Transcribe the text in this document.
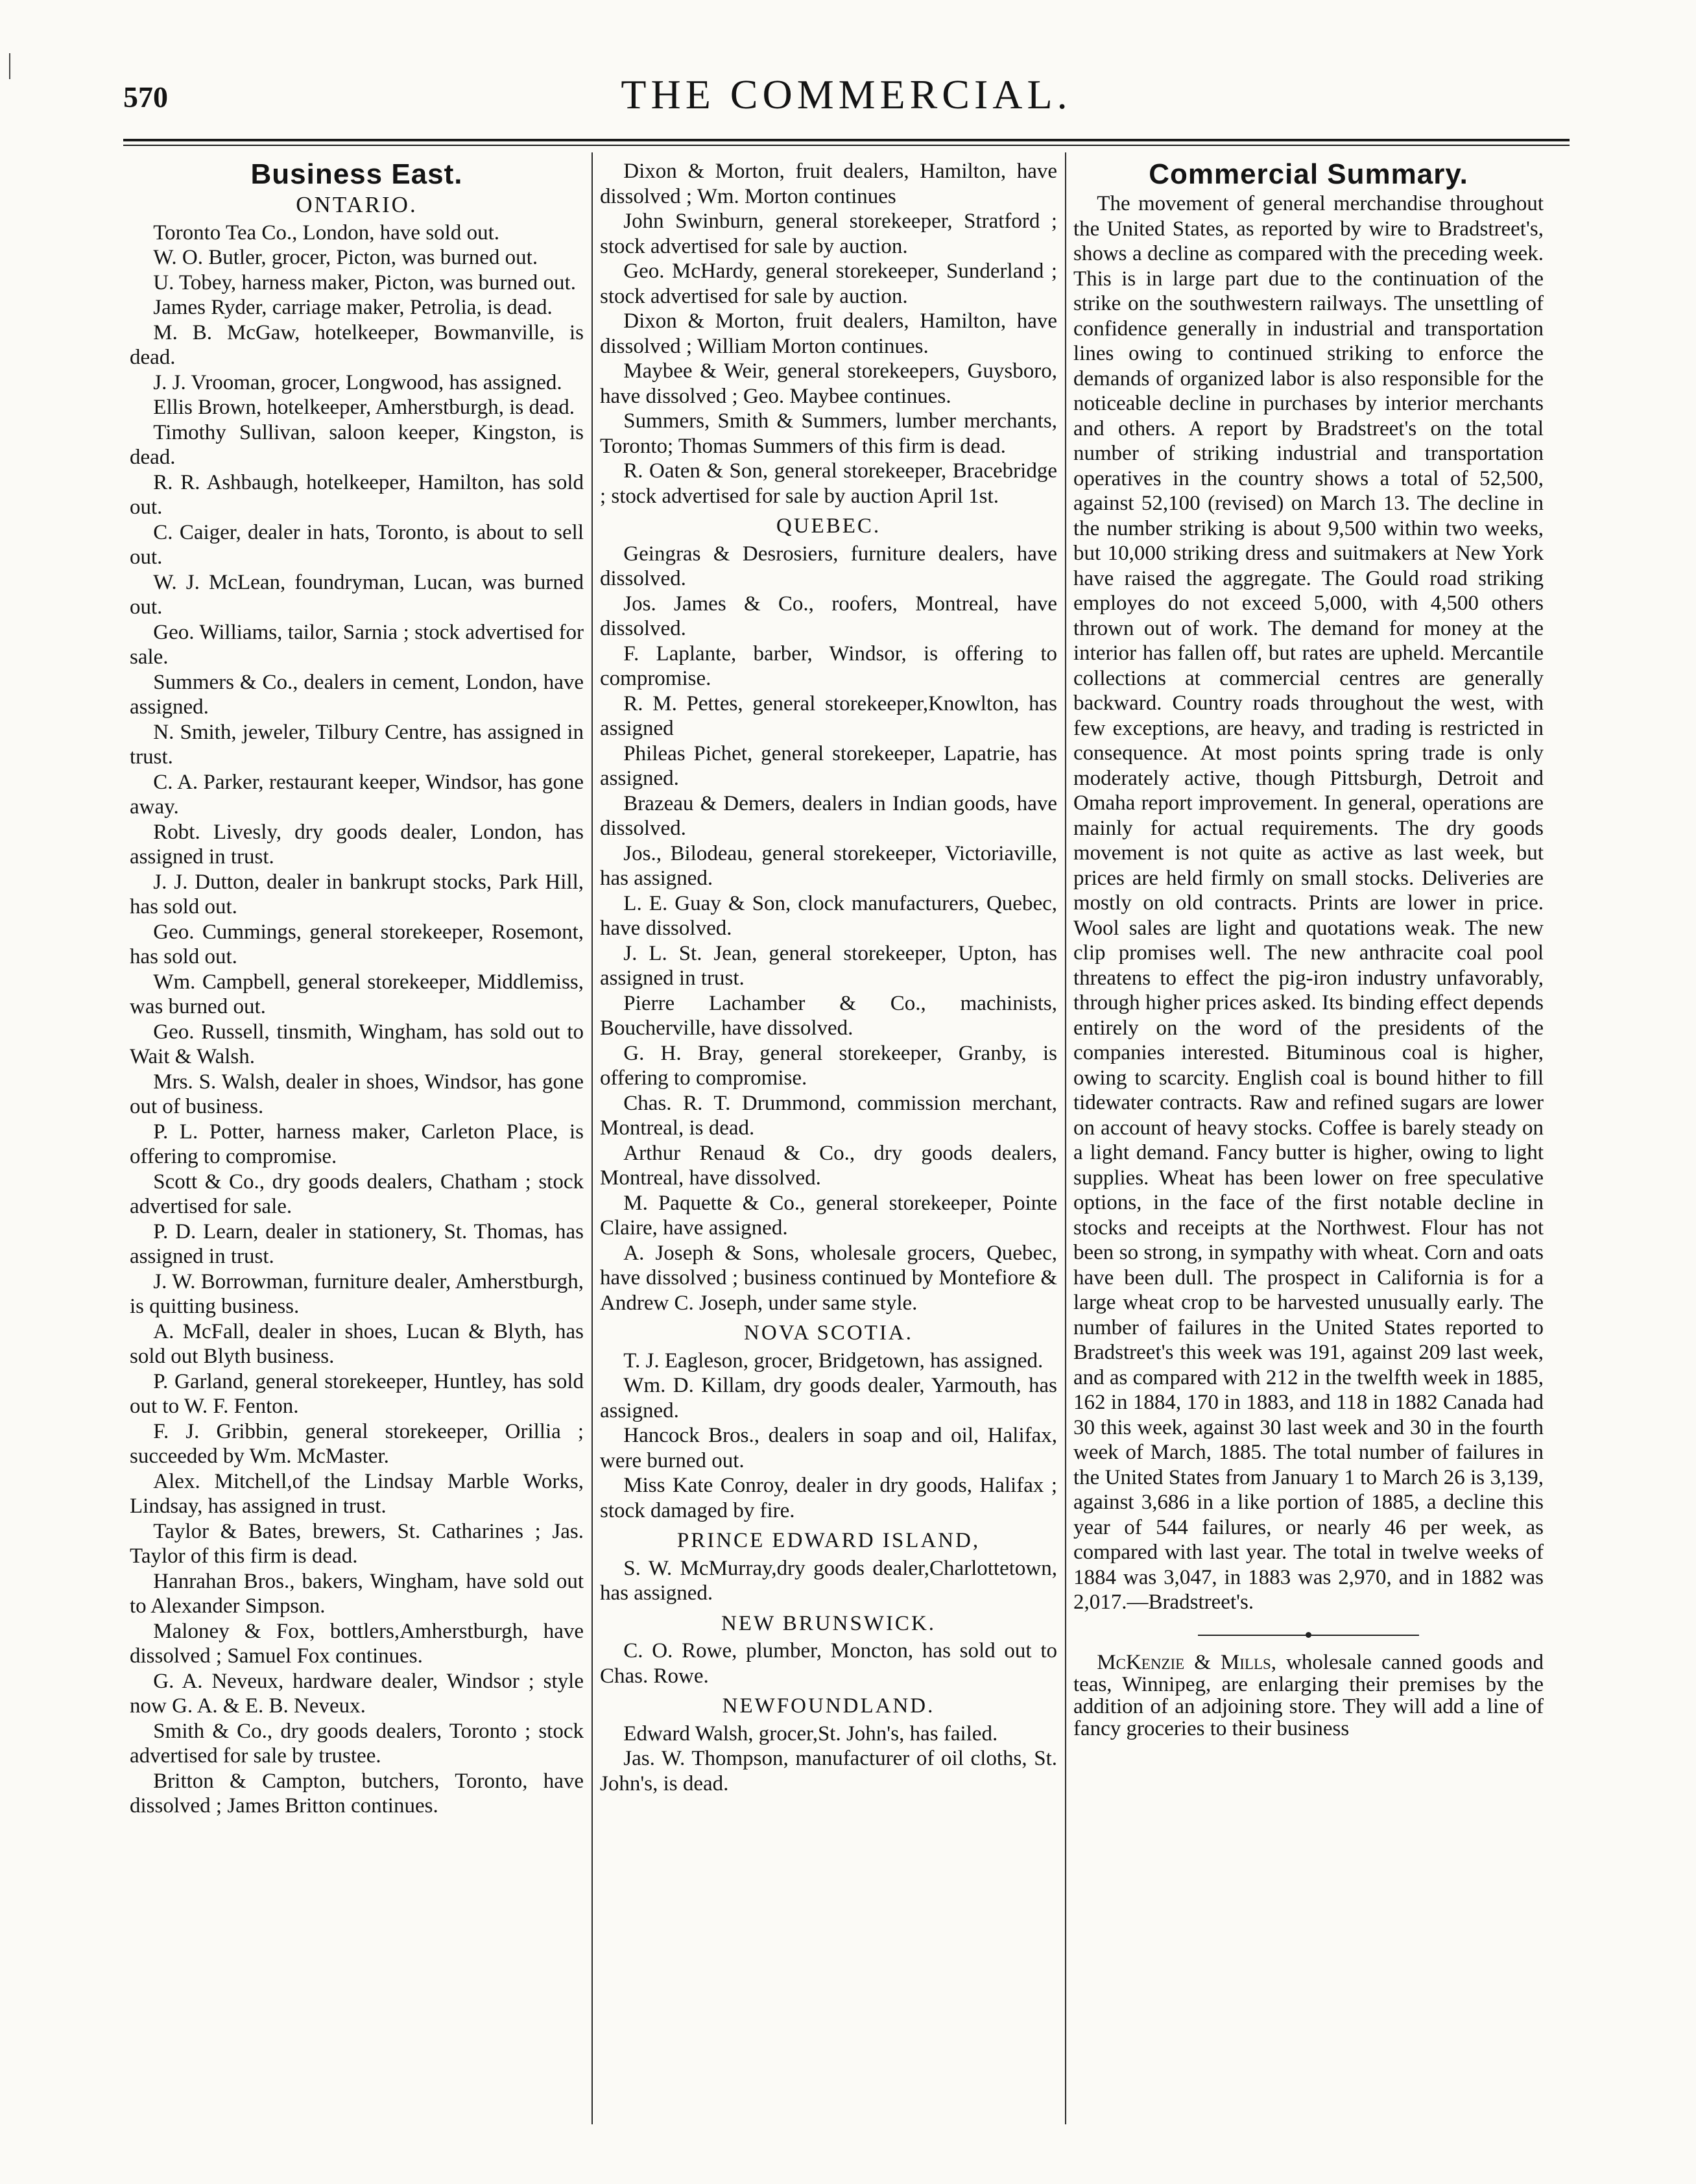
570	THE COMMERCIAL.
Business East.
ONTARIO.

Toronto Tea Co., London, have sold out.

W. O. Butler, grocer, Picton, was burned out.

U. Tobey, harness maker, Picton, was burned out.

James Ryder, carriage maker, Petrolia, is dead.

M. B. McGaw, hotelkeeper, Bowmanville, is dead.

J. J. Vrooman, grocer, Longwood, has assigned.

Ellis Brown, hotelkeeper, Amherstburgh, is dead.

Timothy Sullivan, saloon keeper, Kingston, is dead.

R. R. Ashbaugh, hotelkeeper, Hamilton, has sold out.

C. Caiger, dealer in hats, Toronto, is about to sell out.

W. J. McLean, foundryman, Lucan, was burned out.

Geo. Williams, tailor, Sarnia ; stock advertised for sale.

Summers & Co., dealers in cement, London, have assigned.

N. Smith, jeweler, Tilbury Centre, has assigned in trust.

C. A. Parker, restaurant keeper, Windsor, has gone away.

Robt. Livesly, dry goods dealer, London, has assigned in trust.

J. J. Dutton, dealer in bankrupt stocks, Park Hill, has sold out.

Geo. Cummings, general storekeeper, Rosemont, has sold out.

Wm. Campbell, general storekeeper, Middlemiss, was burned out.

Geo. Russell, tinsmith, Wingham, has sold out to Wait & Walsh.

Mrs. S. Walsh, dealer in shoes, Windsor, has gone out of business.

P. L. Potter, harness maker, Carleton Place, is offering to compromise.

Scott & Co., dry goods dealers, Chatham ; stock advertised for sale.

P. D. Learn, dealer in stationery, St. Thomas, has assigned in trust.

J. W. Borrowman, furniture dealer, Amherstburgh, is quitting business.

A. McFall, dealer in shoes, Lucan & Blyth, has sold out Blyth business.

P. Garland, general storekeeper, Huntley, has sold out to W. F. Fenton.

F. J. Gribbin, general storekeeper, Orillia ; succeeded by Wm. McMaster.

Alex. Mitchell,of the Lindsay Marble Works, Lindsay, has assigned in trust.

Taylor & Bates, brewers, St. Catharines ; Jas. Taylor of this firm is dead.

Hanrahan Bros., bakers, Wingham, have sold out to Alexander Simpson.

Maloney & Fox, bottlers,Amherstburgh, have dissolved ; Samuel Fox continues.

G. A. Neveux, hardware dealer, Windsor ; style now G. A. & E. B. Neveux.

Smith & Co., dry goods dealers, Toronto ; stock advertised for sale by trustee.

Britton & Campton, butchers, Toronto, have dissolved ; James Britton continues.

Dixon & Morton, fruit dealers, Hamilton, have dissolved ; Wm. Morton continues

John Swinburn, general storekeeper, Stratford ; stock advertised for sale by auction.

Geo. McHardy, general storekeeper, Sunderland ; stock advertised for sale by auction.

Dixon & Morton, fruit dealers, Hamilton, have dissolved ; William Morton continues.

Maybee & Weir, general storekeepers, Guysboro, have dissolved ; Geo. Maybee continues.

Summers, Smith & Summers, lumber merchants, Toronto; Thomas Summers of this firm is dead.

R. Oaten & Son, general storekeeper, Bracebridge ; stock advertised for sale by auction April 1st.

QUEBEC.

Geingras & Desrosiers, furniture dealers, have dissolved.

Jos. James & Co., roofers, Montreal, have dissolved.

F. Laplante, barber, Windsor, is offering to compromise.

R. M. Pettes, general storekeeper,Knowlton, has assigned

Phileas Pichet, general storekeeper, Lapatrie, has assigned.

Brazeau & Demers, dealers in Indian goods, have dissolved.

Jos., Bilodeau, general storekeeper, Victoriaville, has assigned.

L. E. Guay & Son, clock manufacturers, Quebec, have dissolved.

J. L. St. Jean, general storekeeper, Upton, has assigned in trust.

Pierre Lachamber & Co., machinists, Boucherville, have dissolved.

G. H. Bray, general storekeeper, Granby, is offering to compromise.

Chas. R. T. Drummond, commission merchant, Montreal, is dead.

Arthur Renaud & Co., dry goods dealers, Montreal, have dissolved.

M. Paquette & Co., general storekeeper, Pointe Claire, have assigned.

A. Joseph & Sons, wholesale grocers, Quebec, have dissolved ; business continued by Montefiore & Andrew C. Joseph, under same style.

NOVA SCOTIA.

T. J. Eagleson, grocer, Bridgetown, has assigned.

Wm. D. Killam, dry goods dealer, Yarmouth, has assigned.

Hancock Bros., dealers in soap and oil, Halifax, were burned out.

Miss Kate Conroy, dealer in dry goods, Halifax ; stock damaged by fire.

PRINCE EDWARD ISLAND,

S. W. McMurray,dry goods dealer,Charlottetown, has assigned.

NEW BRUNSWICK.

C. O. Rowe, plumber, Moncton, has sold out to Chas. Rowe.

NEWFOUNDLAND.

Edward Walsh, grocer,St. John's, has failed.

Jas. W. Thompson, manufacturer of oil cloths, St. John's, is dead.

Commercial Summary.

The movement of general merchandise throughout the United States, as reported by wire to Bradstreet's, shows a decline as compared with the preceding week. This is in large part due to the continuation of the strike on the southwestern railways. The unsettling of confidence generally in industrial and transportation lines owing to continued striking to enforce the demands of organized labor is also responsible for the noticeable decline in purchases by interior merchants and others. A report by Bradstreet's on the total number of striking industrial and transportation operatives in the country shows a total of 52,500, against 52,100 (revised) on March 13. The decline in the number striking is about 9,500 within two weeks, but 10,000 striking dress and suitmakers at New York have raised the aggregate. The Gould road striking employes do not exceed 5,000, with 4,500 others thrown out of work. The demand for money at the interior has fallen off, but rates are upheld. Mercantile collections at commercial centres are generally backward. Country roads throughout the west, with few exceptions, are heavy, and trading is restricted in consequence. At most points spring trade is only moderately active, though Pittsburgh, Detroit and Omaha report improvement. In general, operations are mainly for actual requirements. The dry goods movement is not quite as active as last week, but prices are held firmly on small stocks. Deliveries are mostly on old contracts. Prints are lower in price. Wool sales are light and quotations weak. The new clip promises well. The new anthracite coal pool threatens to effect the pig-iron industry unfavorably, through higher prices asked. Its binding effect depends entirely on the word of the presidents of the companies interested. Bituminous coal is higher, owing to scarcity. English coal is bound hither to fill tidewater contracts. Raw and refined sugars are lower on account of heavy stocks. Coffee is barely steady on a light demand. Fancy butter is higher, owing to light supplies. Wheat has been lower on free speculative options, in the face of the first notable decline in stocks and receipts at the Northwest. Flour has not been so strong, in sympathy with wheat. Corn and oats have been dull. The prospect in California is for a large wheat crop to be harvested unusually early. The number of failures in the United States reported to Bradstreet's this week was 191, against 209 last week, and as compared with 212 in the twelfth week in 1885, 162 in 1884, 170 in 1883, and 118 in 1882 Canada had 30 this week, against 30 last week and 30 in the fourth week of March, 1885. The total number of failures in the United States from January 1 to March 26 is 3,139, against 3,686 in a like portion of 1885, a decline this year of 544 failures, or nearly 46 per week, as compared with last year. The total in twelve weeks of 1884 was 3,047, in 1883 was 2,970, and in 1882 was 2,017.—Bradstreet's.

McKenzie & Mills, wholesale canned goods and teas, Winnipeg, are enlarging their premises by the addition of an adjoining store. They will add a line of fancy groceries to their business
